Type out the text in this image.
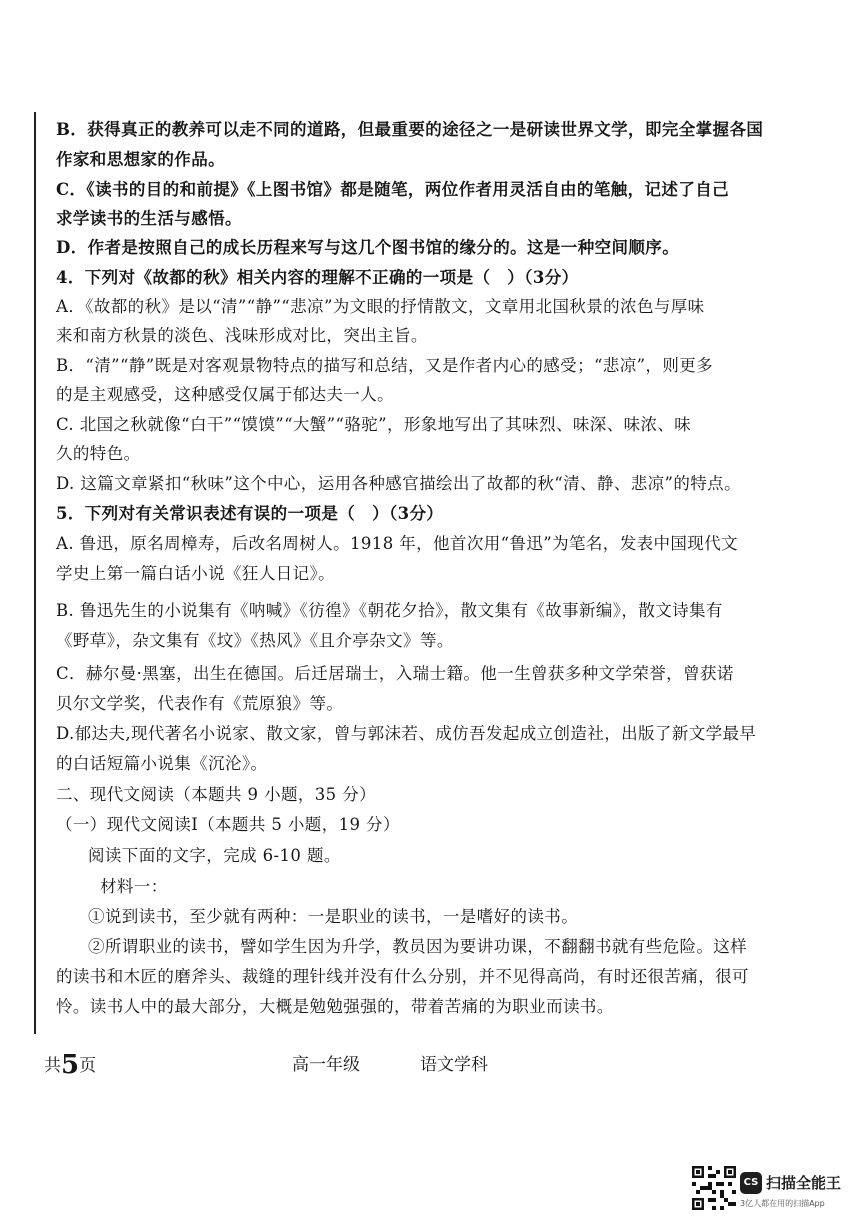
B．获得真正的教养可以走不同的道路，但最重要的途径之一是研读世界文学，即完全掌握各国
作家和思想家的作品。
C．《读书的目的和前提》《上图书馆》都是随笔，两位作者用灵活自由的笔触，记述了自己
求学读书的生活与感悟。
D．作者是按照自己的成长历程来写与这几个图书馆的缘分的。这是一种空间顺序。
4．下列对《故都的秋》相关内容的理解不正确的一项是（　）（3分）
A．《故都的秋》是以“清”“静”“悲凉”为文眼的抒情散文，文章用北国秋景的浓色与厚味
来和南方秋景的淡色、浅味形成对比，突出主旨。
B．“清”“静”既是对客观景物特点的描写和总结，又是作者内心的感受；“悲凉”，则更多
的是主观感受，这种感受仅属于郁达夫一人。
C. 北国之秋就像“白干”“馍馍”“大蟹”“骆驼”，形象地写出了其味烈、味深、味浓、味
久的特色。
D. 这篇文章紧扣“秋味”这个中心，运用各种感官描绘出了故都的秋“清、静、悲凉”的特点。
5．下列对有关常识表述有误的一项是（　）（3分）
A. 鲁迅，原名周樟寿，后改名周树人。1918 年，他首次用“鲁迅”为笔名，发表中国现代文
学史上第一篇白话小说《狂人日记》。
B. 鲁迅先生的小说集有《呐喊》《彷徨》《朝花夕拾》，散文集有《故事新编》，散文诗集有
《野草》，杂文集有《坟》《热风》《且介亭杂文》等。
C．赫尔曼·黑塞，出生在德国。后迁居瑞士，入瑞士籍。他一生曾获多种文学荣誉，曾获诺
贝尔文学奖，代表作有《荒原狼》等。
D.郁达夫,现代著名小说家、散文家，曾与郭沫若、成仿吾发起成立创造社，出版了新文学最早
的白话短篇小说集《沉沦》。
二、现代文阅读（本题共 9 小题，35 分）
（一）现代文阅读Ⅰ（本题共 5 小题，19 分）
阅读下面的文字，完成 6-10 题。
材料一：
①说到读书，至少就有两种：一是职业的读书，一是嗜好的读书。
②所谓职业的读书，譬如学生因为升学，教员因为要讲功课，不翻翻书就有些危险。这样
的读书和木匠的磨斧头、裁缝的理针线并没有什么分别，并不见得高尚，有时还很苦痛，很可
怜。读书人中的最大部分，大概是勉勉强强的，带着苦痛的为职业而读书。
共5页	高一年级	语文学科
CS 扫描全能王
3亿人都在用的扫描App
